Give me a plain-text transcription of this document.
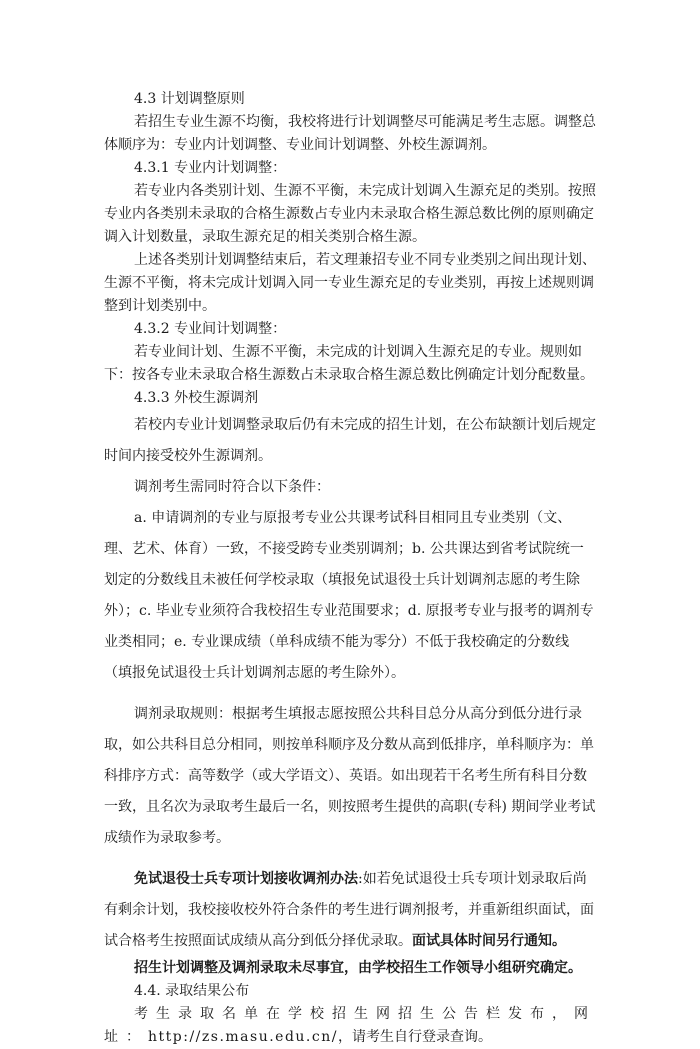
4.3 计划调整原则

若招生专业生源不均衡，我校将进行计划调整尽可能满足考生志愿。调整总体顺序为：专业内计划调整、专业间计划调整、外校生源调剂。

4.3.1 专业内计划调整：

若专业内各类别计划、生源不平衡，未完成计划调入生源充足的类别。按照专业内各类别未录取的合格生源数占专业内未录取合格生源总数比例的原则确定调入计划数量，录取生源充足的相关类别合格生源。

上述各类别计划调整结束后，若文理兼招专业不同专业类别之间出现计划、生源不平衡，将未完成计划调入同一专业生源充足的专业类别，再按上述规则调整到计划类别中。

4.3.2 专业间计划调整：

若专业间计划、生源不平衡，未完成的计划调入生源充足的专业。规则如下：按各专业未录取合格生源数占未录取合格生源总数比例确定计划分配数量。

4.3.3 外校生源调剂

若校内专业计划调整录取后仍有未完成的招生计划，在公布缺额计划后规定时间内接受校外生源调剂。

调剂考生需同时符合以下条件：

a. 申请调剂的专业与原报考专业公共课考试科目相同且专业类别（文、理、艺术、体育）一致，不接受跨专业类别调剂；b. 公共课达到省考试院统一划定的分数线且未被任何学校录取（填报免试退役士兵计划调剂志愿的考生除外）；c. 毕业专业须符合我校招生专业范围要求；d. 原报考专业与报考的调剂专业类相同；e. 专业课成绩（单科成绩不能为零分）不低于我校确定的分数线（填报免试退役士兵计划调剂志愿的考生除外）。

调剂录取规则：根据考生填报志愿按照公共科目总分从高分到低分进行录取，如公共科目总分相同，则按单科顺序及分数从高到低排序，单科顺序为：单科排序方式：高等数学（或大学语文）、英语。如出现若干名考生所有科目分数一致，且名次为录取考生最后一名，则按照考生提供的高职(专科) 期间学业考试成绩作为录取参考。

免试退役士兵专项计划接收调剂办法:如若免试退役士兵专项计划录取后尚有剩余计划，我校接收校外符合条件的考生进行调剂报考，并重新组织面试，面试合格考生按照面试成绩从高分到低分择优录取。面试具体时间另行通知。

招生计划调整及调剂录取未尽事宜，由学校招生工作领导小组研究确定。

4.4. 录取结果公布

考生录取名单在学校招生网招生公告栏发布，网址：http://zs.masu.edu.cn/，请考生自行登录查询。
